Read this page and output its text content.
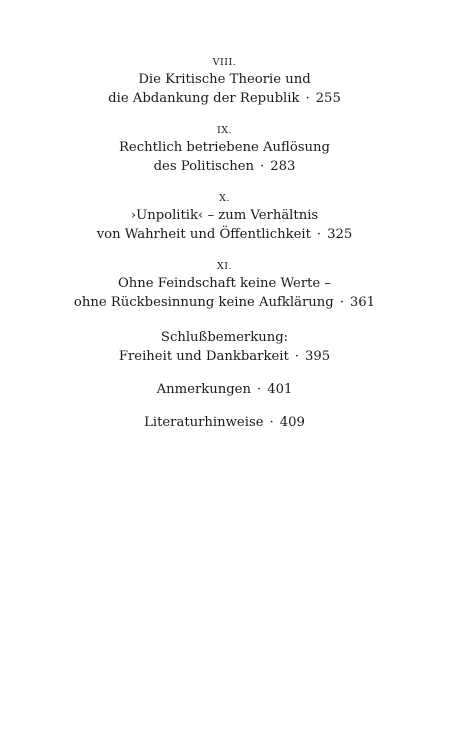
VIII.
Die Kritische Theorie und
die Abdankung der Republik · 255
IX.
Rechtlich betriebene Auflösung
des Politischen · 283
X.
›Unpolitik‹ – zum Verhältnis
von Wahrheit und Öffentlichkeit · 325
XI.
Ohne Feindschaft keine Werte –
ohne Rückbesinnung keine Aufklärung · 361
Schlußbemerkung:
Freiheit und Dankbarkeit · 395
Anmerkungen · 401
Literaturhinweise · 409
